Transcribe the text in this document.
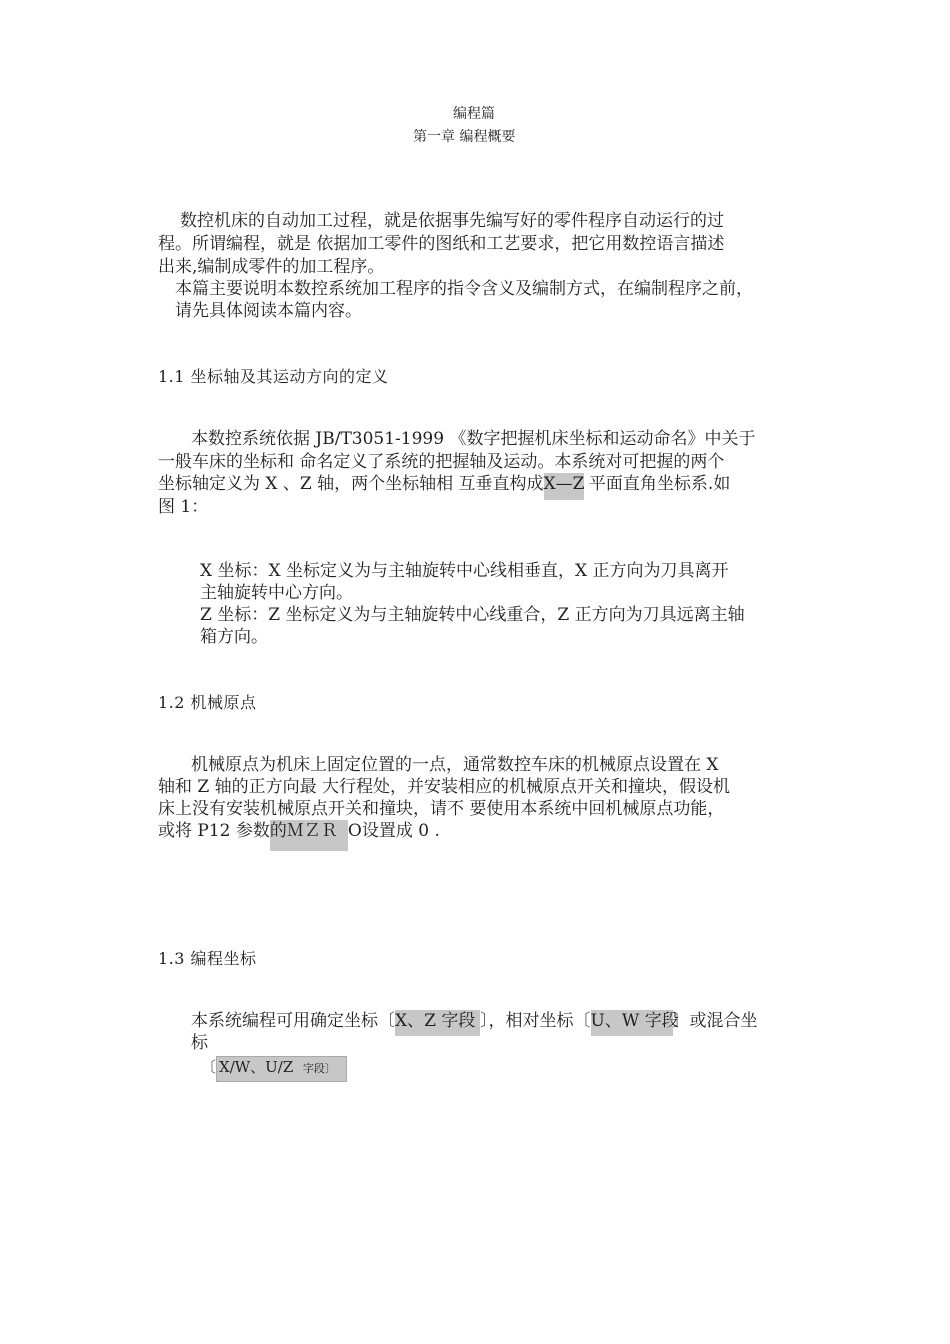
编程篇
第一章 编程概要
数控机床的自动加工过程，就是依据事先编写好的零件程序自动运行的过
程。所谓编程，就是 依据加工零件的图纸和工艺要求，把它用数控语言描述
出来,编制成零件的加工程序。
本篇主要说明本数控系统加工程序的指令含义及编制方式，在编制程序之前，
请先具体阅读本篇内容。
1.1 坐标轴及其运动方向的定义
本数控系统依据 JB/T3051-1999 《数字把握机床坐标和运动命名》中关于
一般车床的坐标和 命名定义了系统的把握轴及运动。本系统对可把握的两个
坐标轴定义为 X 、Z 轴，两个坐标轴相 互垂直构成X—Z 平面直角坐标系.如
图 1：
X 坐标：X 坐标定义为与主轴旋转中心线相垂直，X 正方向为刀具离开
主轴旋转中心方向。
Z 坐标：Z 坐标定义为与主轴旋转中心线重合，Z 正方向为刀具远离主轴
箱方向。
1.2 机械原点
机械原点为机床上固定位置的一点，通常数控车床的机械原点设置在 X
轴和 Z 轴的正方向最 大行程处，并安装相应的机械原点开关和撞块，假设机
床上没有安装机械原点开关和撞块，请不 要使用本系统中回机械原点功能，
或将 P12 参数的ＭＺＲ O设置成 0 .
1.3 编程坐标
本系统编程可用确定坐标〔X、Z 字段 〕，相对坐标〔U、W 字段〕或混合坐
标
〔 X/W、U/Z 字段〕
